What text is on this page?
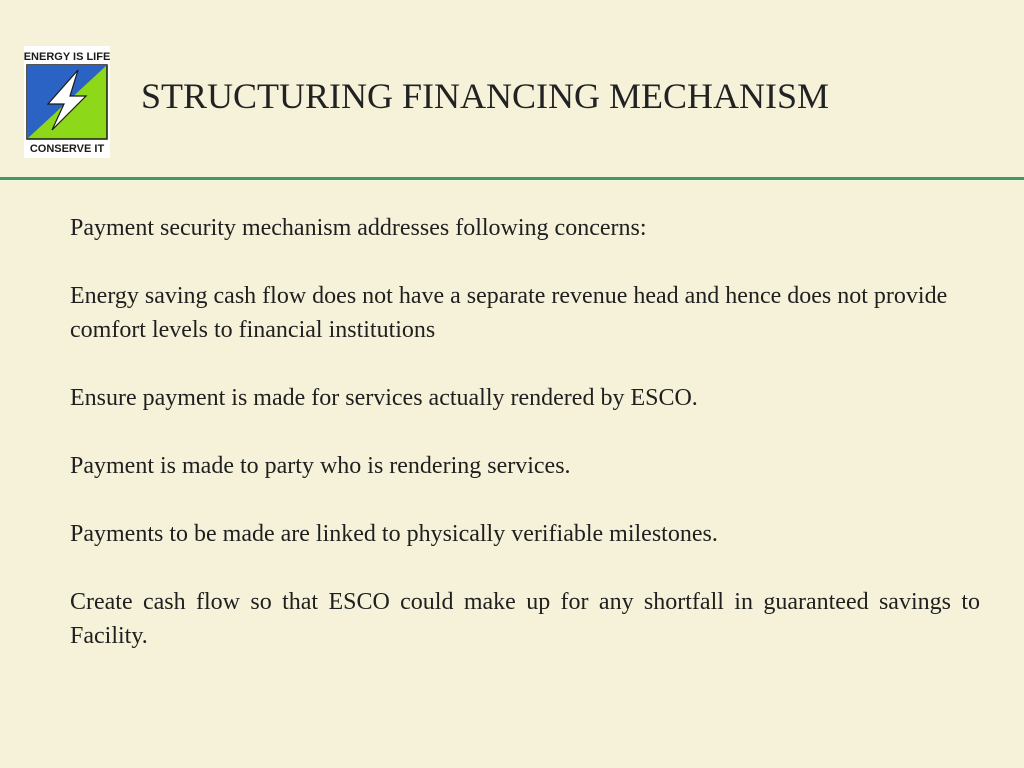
ENERGY IS LIFE
CONSERVE IT
STRUCTURING FINANCING MECHANISM

Payment security mechanism addresses following concerns:

Energy saving cash flow does not have a separate revenue head and hence does not provide comfort levels to financial institutions

Ensure payment is made for services actually rendered by ESCO.

Payment is made to party who is rendering services.

Payments to be made are linked to physically verifiable milestones.

Create cash flow so that ESCO could make up for any shortfall in guaranteed savings to Facility.
